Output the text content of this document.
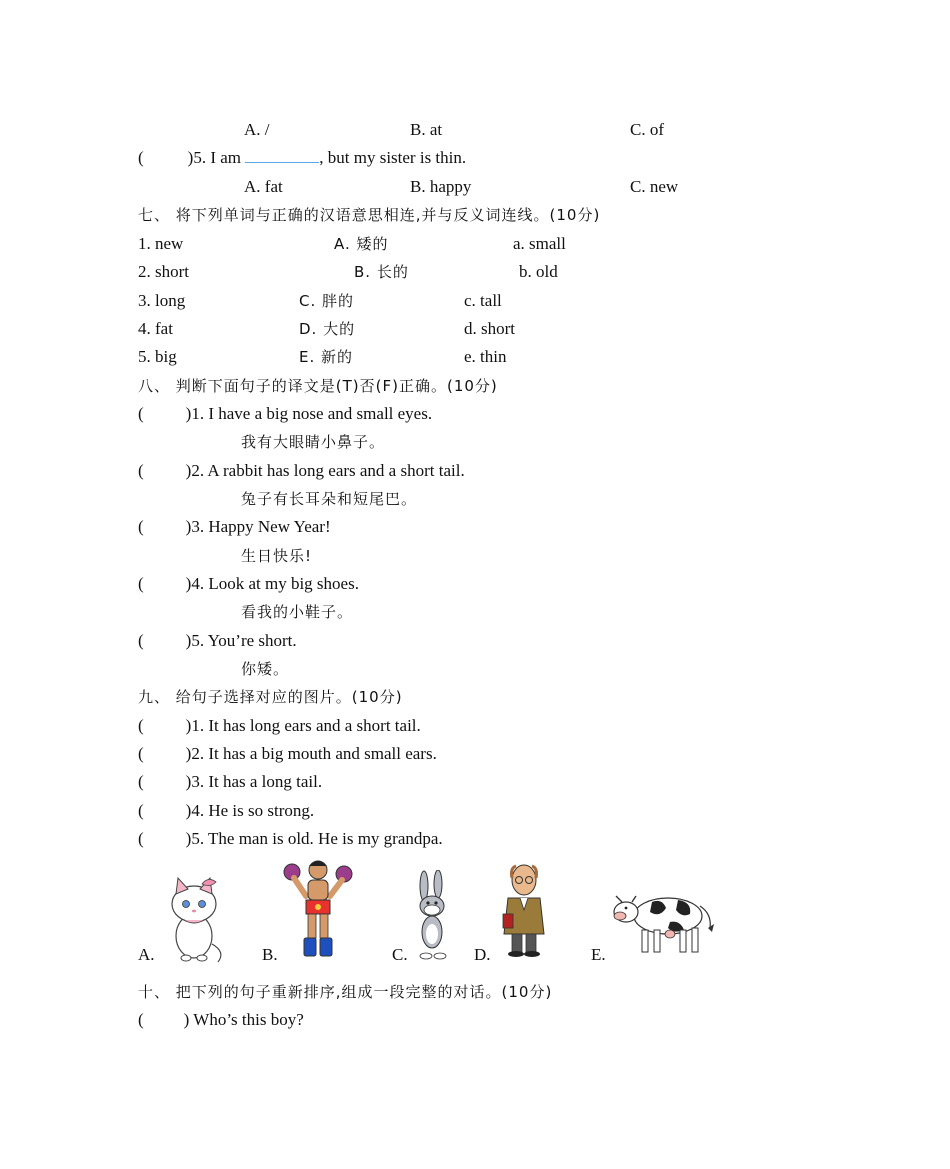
A. /	B. at	C. of
(	)5. I am	, but my sister is thin.
A. fat	B. happy	C. new
七、 将下列单词与正确的汉语意思相连,并与反义词连线。(10分)
1. new	A. 矮的	a. small
2. short	B. 长的	b. old
3. long	C. 胖的	c. tall
4. fat	D. 大的	d. short
5. big	E. 新的	e. thin
八、 判断下面句子的译文是(T)否(F)正确。(10分)
( )1. I have a big nose and small eyes.
我有大眼睛小鼻子。
( )2. A rabbit has long ears and a short tail.
兔子有长耳朵和短尾巴。
( )3. Happy New Year!
生日快乐!
( )4. Look at my big shoes.
看我的小鞋子。
( )5. You’re short.
你矮。
九、 给句子选择对应的图片。(10分)
( )1. It has long ears and a short tail.
( )2. It has a big mouth and small ears.
( )3. It has a long tail.
( )4. He is so strong.
( )5. The man is old. He is my grandpa.
A.	B.	C.	D.	E.
十、 把下列的句子重新排序,组成一段完整的对话。(10分)
( ) Who’s this boy?
